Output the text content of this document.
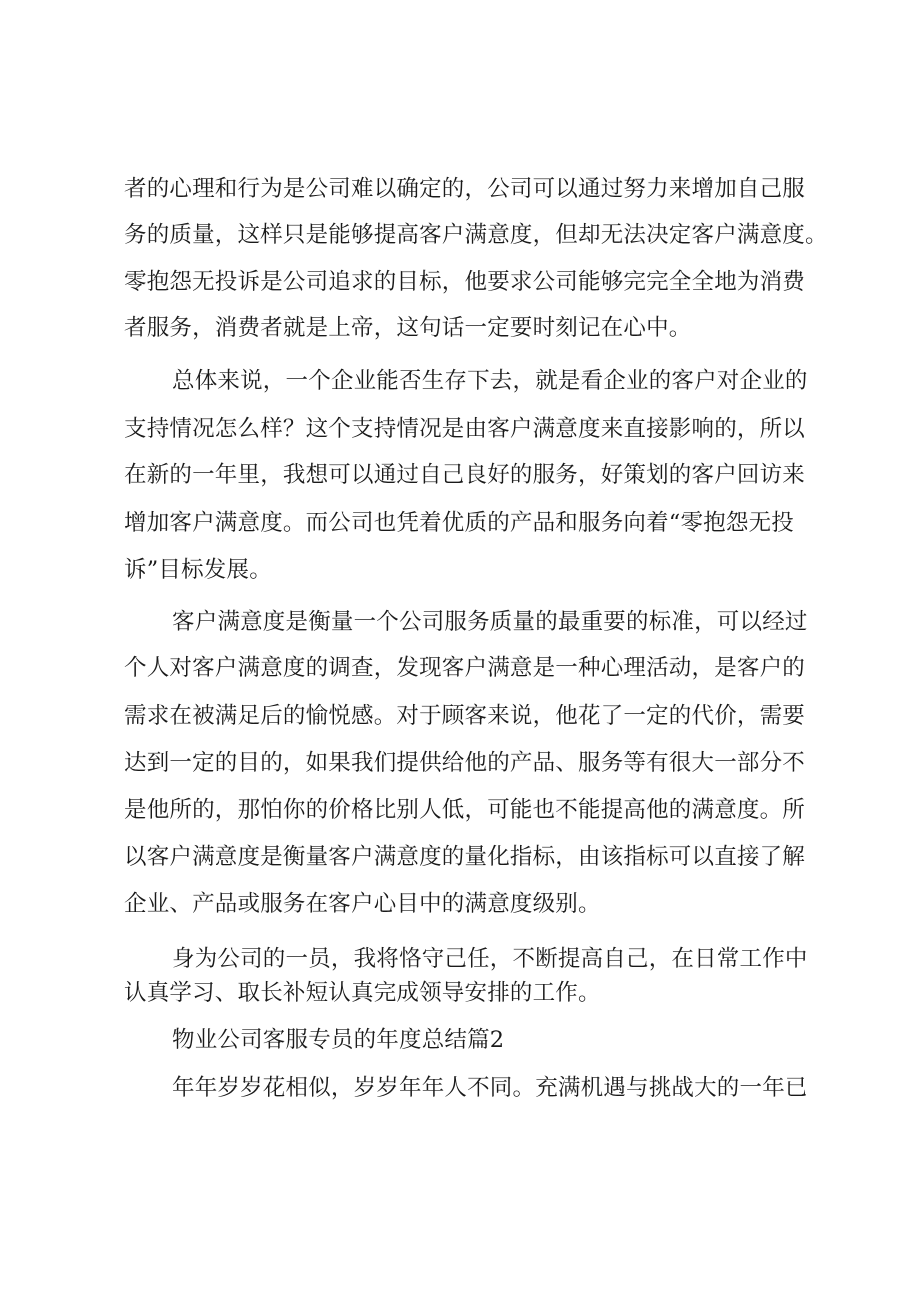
者的心理和行为是公司难以确定的，公司可以通过努力来增加自己服
务的质量，这样只是能够提高客户满意度，但却无法决定客户满意度。
零抱怨无投诉是公司追求的目标，他要求公司能够完完全全地为消费
者服务，消费者就是上帝，这句话一定要时刻记在心中。
总体来说，一个企业能否生存下去，就是看企业的客户对企业的
支持情况怎么样？这个支持情况是由客户满意度来直接影响的，所以
在新的一年里，我想可以通过自己良好的服务，好策划的客户回访来
增加客户满意度。而公司也凭着优质的产品和服务向着“零抱怨无投
诉”目标发展。
客户满意度是衡量一个公司服务质量的最重要的标准，可以经过
个人对客户满意度的调查，发现客户满意是一种心理活动，是客户的
需求在被满足后的愉悦感。对于顾客来说，他花了一定的代价，需要
达到一定的目的，如果我们提供给他的产品、服务等有很大一部分不
是他所的，那怕你的价格比别人低，可能也不能提高他的满意度。所
以客户满意度是衡量客户满意度的量化指标，由该指标可以直接了解
企业、产品或服务在客户心目中的满意度级别。
身为公司的一员，我将恪守己任，不断提高自己，在日常工作中
认真学习、取长补短认真完成领导安排的工作。
物业公司客服专员的年度总结篇2
年年岁岁花相似，岁岁年年人不同。充满机遇与挑战大的一年已
